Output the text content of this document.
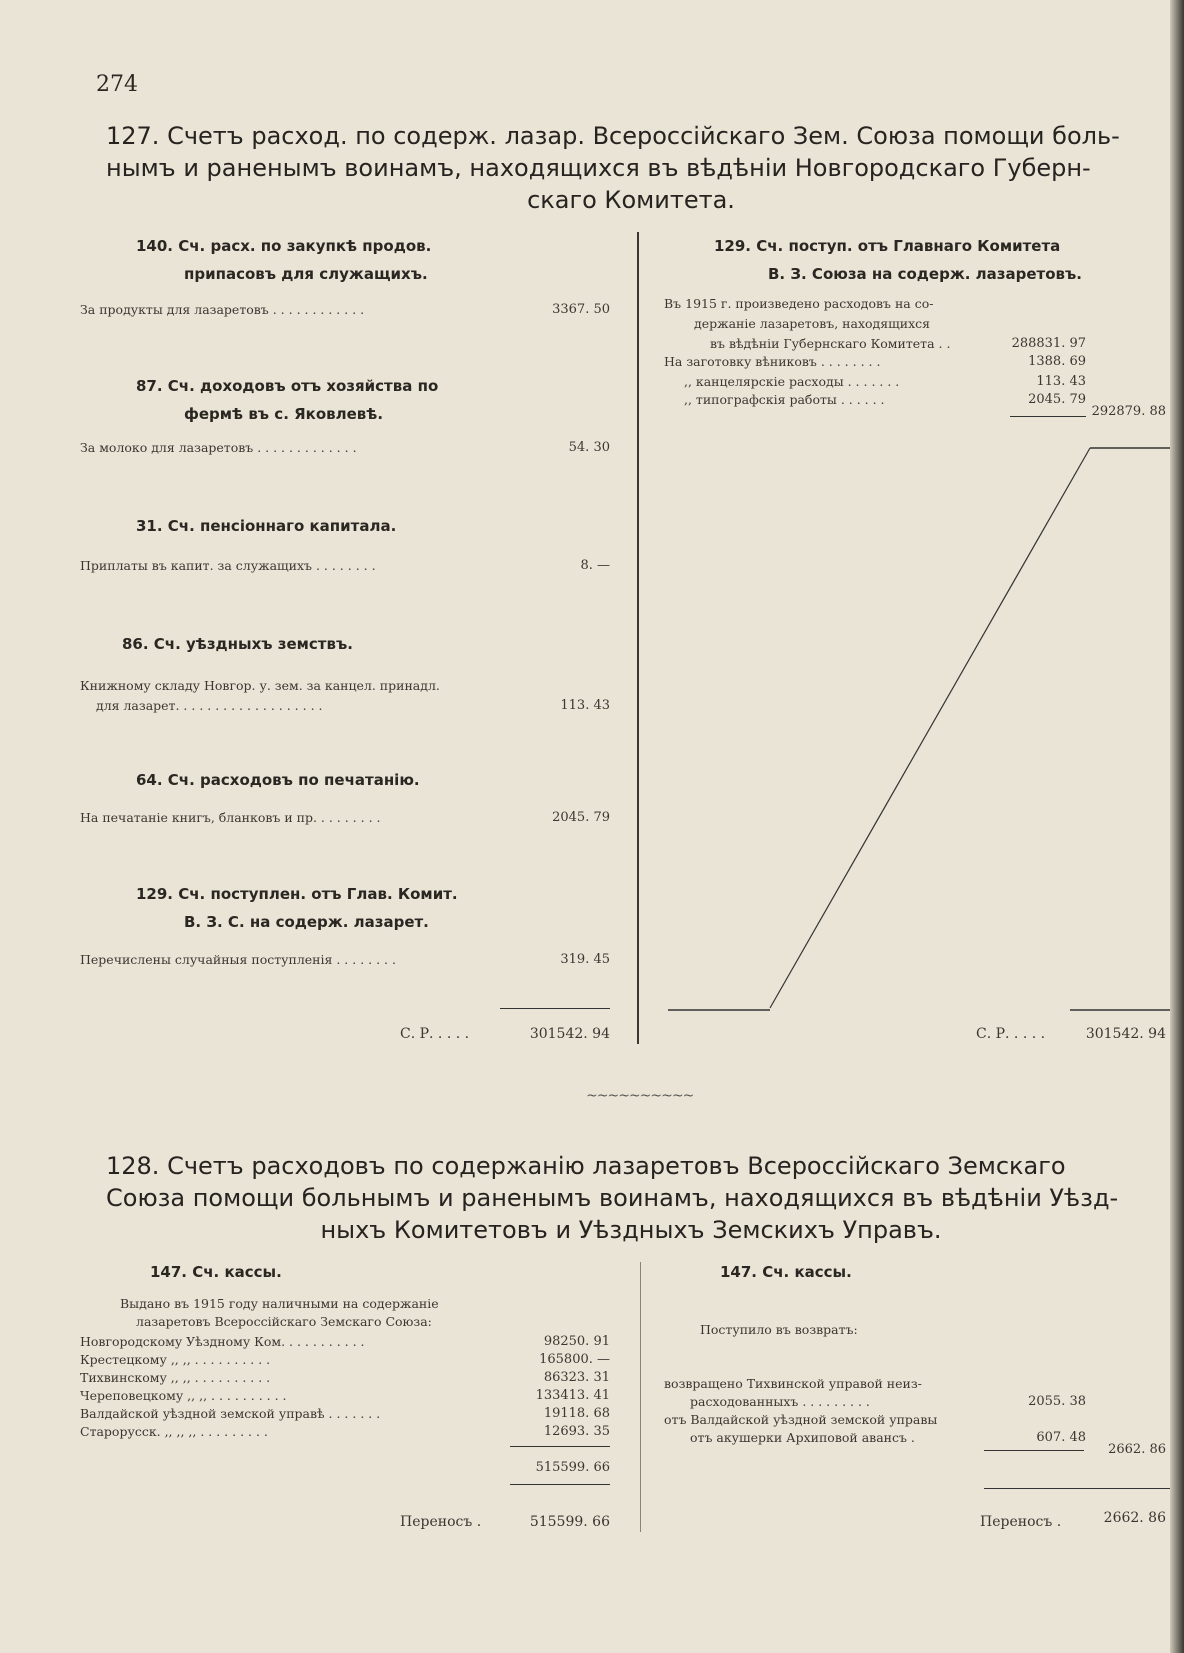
274
127. Счетъ расход. по содерж. лазар. Всероссійскаго Зем. Союза помощи боль-
нымъ и раненымъ воинамъ, находящихся въ вѣдѣніи Новгородскаго Губерн-
скаго Комитета.
140. Сч. расх. по закупкѣ продов.
припасовъ для служащихъ.
За продукты для лазаретовъ . . . . . . . . . . . .	3367. 50
87. Сч. доходовъ отъ хозяйства по
фермѣ въ с. Яковлевѣ.
За молоко для лазаретовъ . . . . . . . . . . . . .	54. 30
31. Сч. пенсіоннаго капитала.
Приплаты въ капит. за служащихъ . . . . . . . .	8. —
86. Сч. уѣздныхъ земствъ.
Книжному складу Новгор. у. зем. за канцел. принадл.
для лазарет. . . . . . . . . . . . . . . . . . .	113. 43
64. Сч. расходовъ по печатанію.
На печатаніе книгъ, бланковъ и пр. . . . . . . . .	2045. 79
129. Сч. поступлен. отъ Глав. Комит.
В. З. С. на содерж. лазарет.
Перечислены случайныя поступленія . . . . . . . .	319. 45
С. Р. . . . .	301542. 94
129. Сч. поступ. отъ Главнаго Комитета
В. З. Союза на содерж. лазаретовъ.
Въ 1915 г. произведено расходовъ на со-
держаніе лазаретовъ, находящихся
въ вѣдѣніи Губернскаго Комитета . .	288831. 97
На заготовку вѣниковъ . . . . . . . .	1388. 69
,, канцелярскіе расходы . . . . . . .	113. 43
,, типографскія работы . . . . . .	2045. 79
292879. 88
С. Р. . . . .	301542. 94
~~~~~~~~~~
128. Счетъ расходовъ по содержанію лазаретовъ Всероссійскаго Земскаго
Союза помощи больнымъ и раненымъ воинамъ, находящихся въ вѣдѣніи Уѣзд-
ныхъ Комитетовъ и Уѣздныхъ Земскихъ Управъ.
147. Сч. кассы.
Выдано въ 1915 году наличными на содержаніе
лазаретовъ Всероссійскаго Земскаго Союза:
Новгородскому Уѣздному Ком. . . . . . . . . . .	98250. 91
Крестецкому ,, ,, . . . . . . . . . .	165800. —
Тихвинскому ,, ,, . . . . . . . . . .	86323. 31
Череповецкому ,, ,, . . . . . . . . . .	133413. 41
Валдайской уѣздной земской управѣ . . . . . . .	19118. 68
Старорусск. ,, ,, ,, . . . . . . . . .	12693. 35
515599. 66
Переносъ .	515599. 66
147. Сч. кассы.
Поступило въ возвратъ:
возвращено Тихвинской управой неиз-
расходованныхъ . . . . . . . . .	2055. 38
отъ Валдайской уѣздной земской управы
отъ акушерки Архиповой авансъ .	607. 48
2662. 86
Переносъ .	2662. 86
